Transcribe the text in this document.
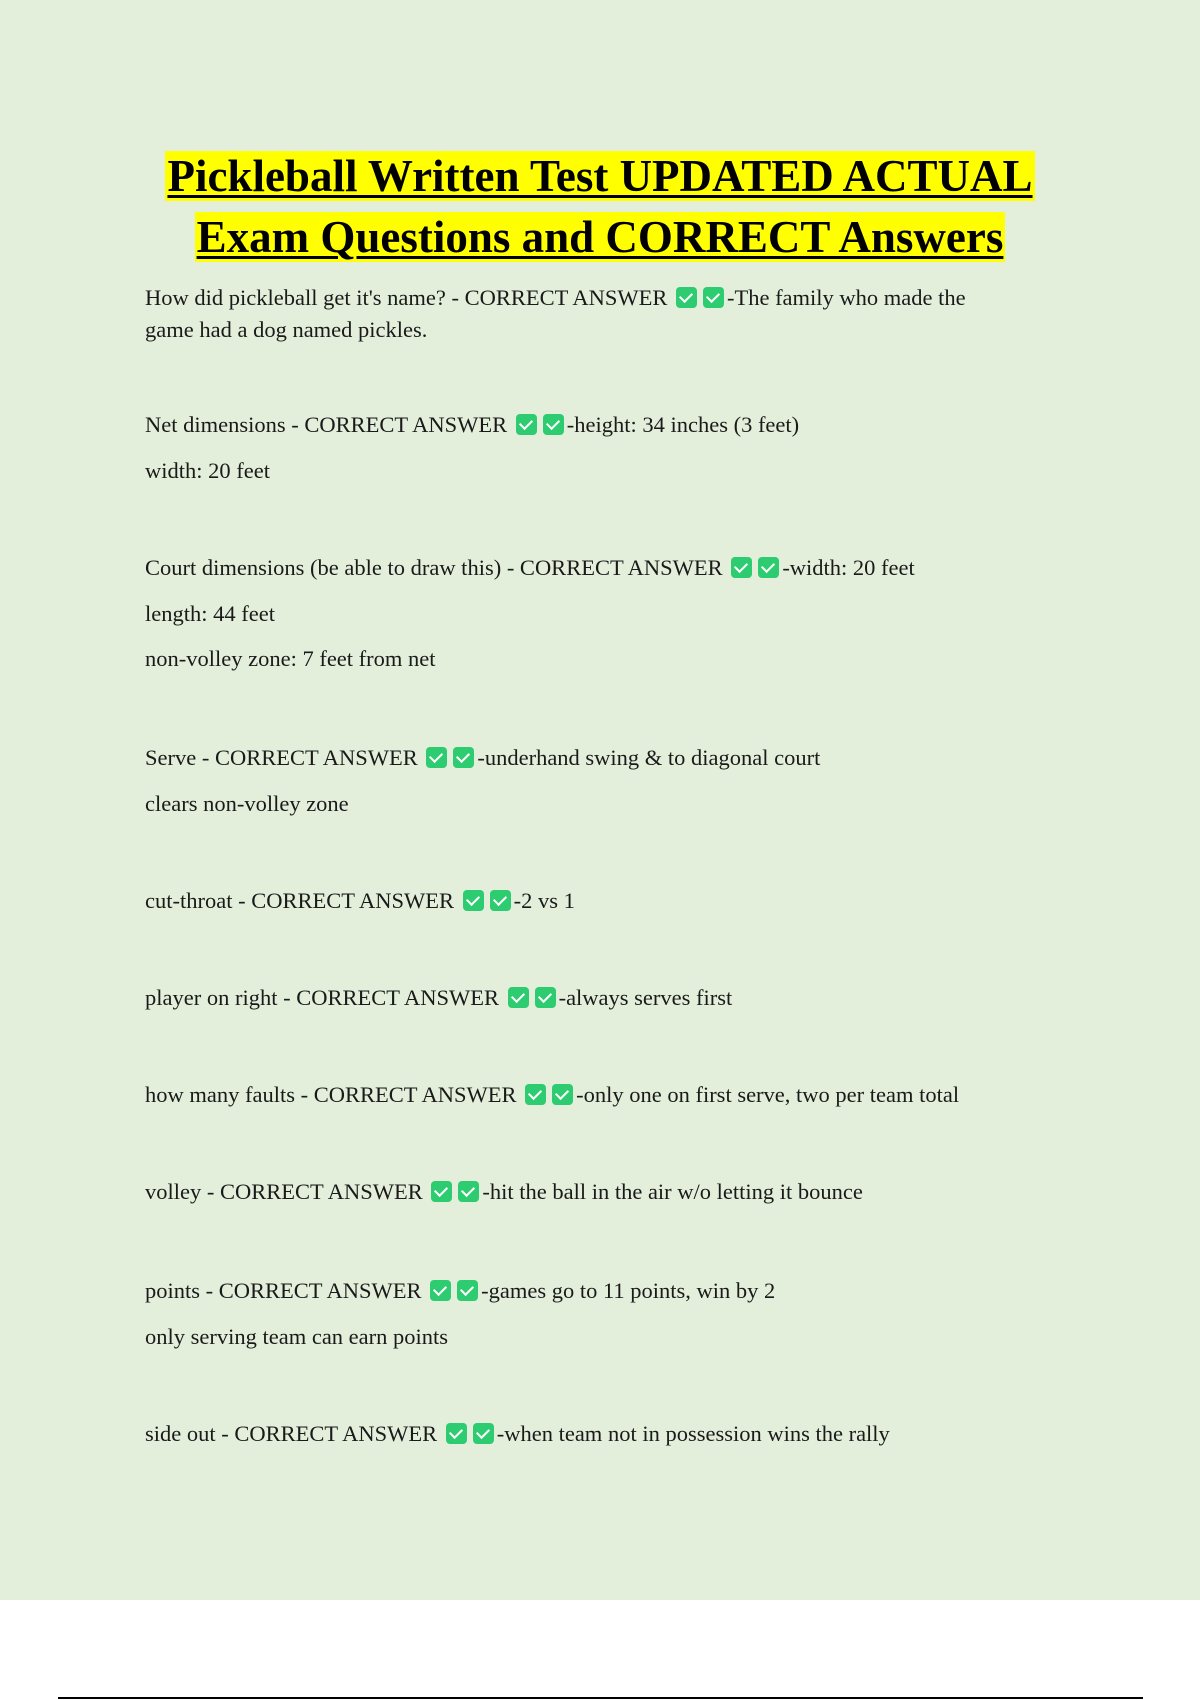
Pickleball Written Test UPDATED ACTUAL
Exam Questions and CORRECT Answers
How did pickleball get it's name? - CORRECT ANSWER	-The family who made the
game had a dog named pickles.
Net dimensions - CORRECT ANSWER	-height: 34 inches (3 feet)
width: 20 feet
Court dimensions (be able to draw this) - CORRECT ANSWER	-width: 20 feet
length: 44 feet
non-volley zone: 7 feet from net
Serve - CORRECT ANSWER	-underhand swing & to diagonal court
clears non-volley zone
cut-throat - CORRECT ANSWER	-2 vs 1
player on right - CORRECT ANSWER	-always serves first
how many faults - CORRECT ANSWER	-only one on first serve, two per team total
volley - CORRECT ANSWER	-hit the ball in the air w/o letting it bounce
points - CORRECT ANSWER	-games go to 11 points, win by 2
only serving team can earn points
side out - CORRECT ANSWER	-when team not in possession wins the rally
